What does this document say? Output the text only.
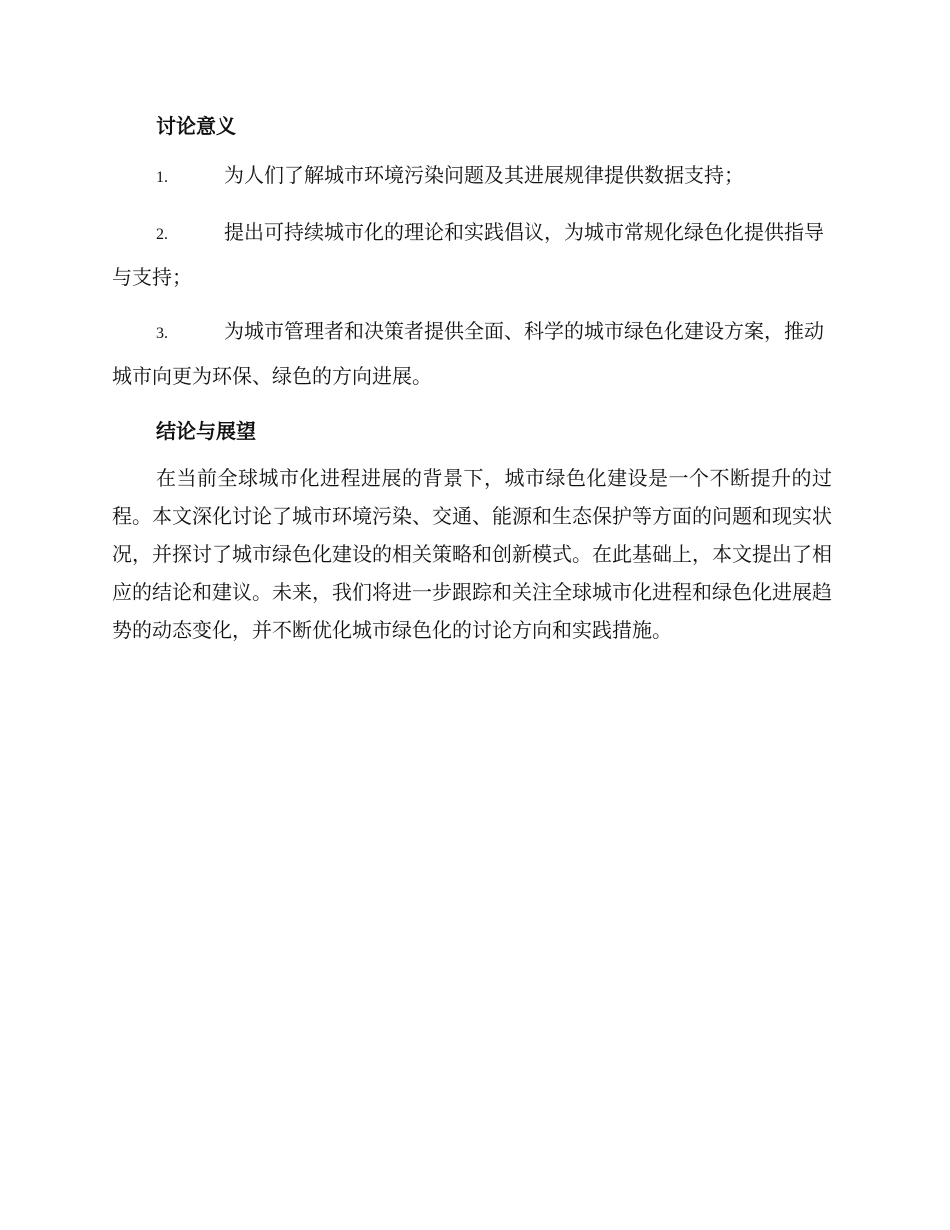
讨论意义

1.	为人们了解城市环境污染问题及其进展规律提供数据支持；

2.	提出可持续城市化的理论和实践倡议，为城市常规化绿色化提供指导与支持；

3.	为城市管理者和决策者提供全面、科学的城市绿色化建设方案，推动城市向更为环保、绿色的方向进展。

结论与展望

在当前全球城市化进程进展的背景下，城市绿色化建设是一个不断提升的过程。本文深化讨论了城市环境污染、交通、能源和生态保护等方面的问题和现实状况，并探讨了城市绿色化建设的相关策略和创新模式。在此基础上，本文提出了相应的结论和建议。未来，我们将进一步跟踪和关注全球城市化进程和绿色化进展趋势的动态变化，并不断优化城市绿色化的讨论方向和实践措施。
